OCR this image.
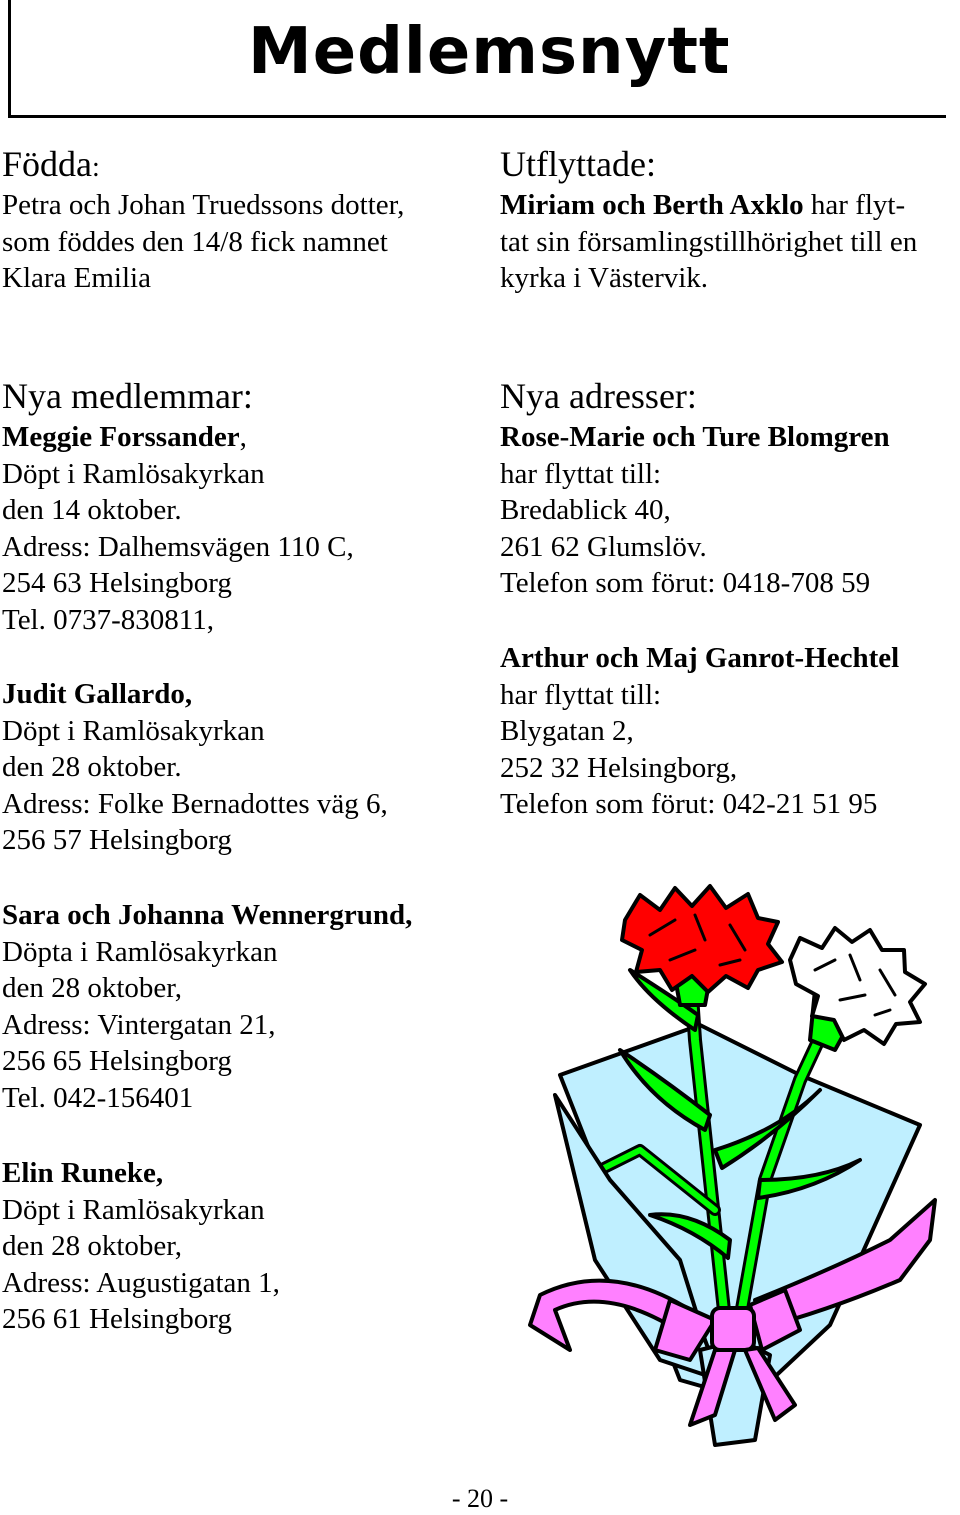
Medlemsnytt
Födda:
Petra och Johan Truedssons dotter,
som föddes den 14/8 fick namnet
Klara Emilia
Utflyttade:
Miriam och Berth Axklo har flyt-
tat sin församlingstillhörighet till en
kyrka i Västervik.
Nya medlemmar:
Meggie Forssander,
Döpt i Ramlösakyrkan
den 14 oktober.
Adress: Dalhemsvägen 110 C,
254 63 Helsingborg
Tel. 0737-830811,
Judit Gallardo,
Döpt i Ramlösakyrkan
den 28 oktober.
Adress: Folke Bernadottes väg 6,
256 57 Helsingborg
Sara och Johanna Wennergrund,
Döpta i Ramlösakyrkan
den 28 oktober,
Adress: Vintergatan 21,
256 65 Helsingborg
Tel. 042-156401
Elin Runeke,
Döpt i Ramlösakyrkan
den 28 oktober,
Adress: Augustigatan 1,
256 61 Helsingborg
Nya adresser:
Rose-Marie och Ture Blomgren
har flyttat till:
Bredablick 40,
261 62 Glumslöv.
Telefon som förut: 0418-708 59
Arthur och Maj Ganrot-Hechtel
har flyttat till:
Blygatan 2,
252 32 Helsingborg,
Telefon som förut: 042-21 51 95
- 20 -
